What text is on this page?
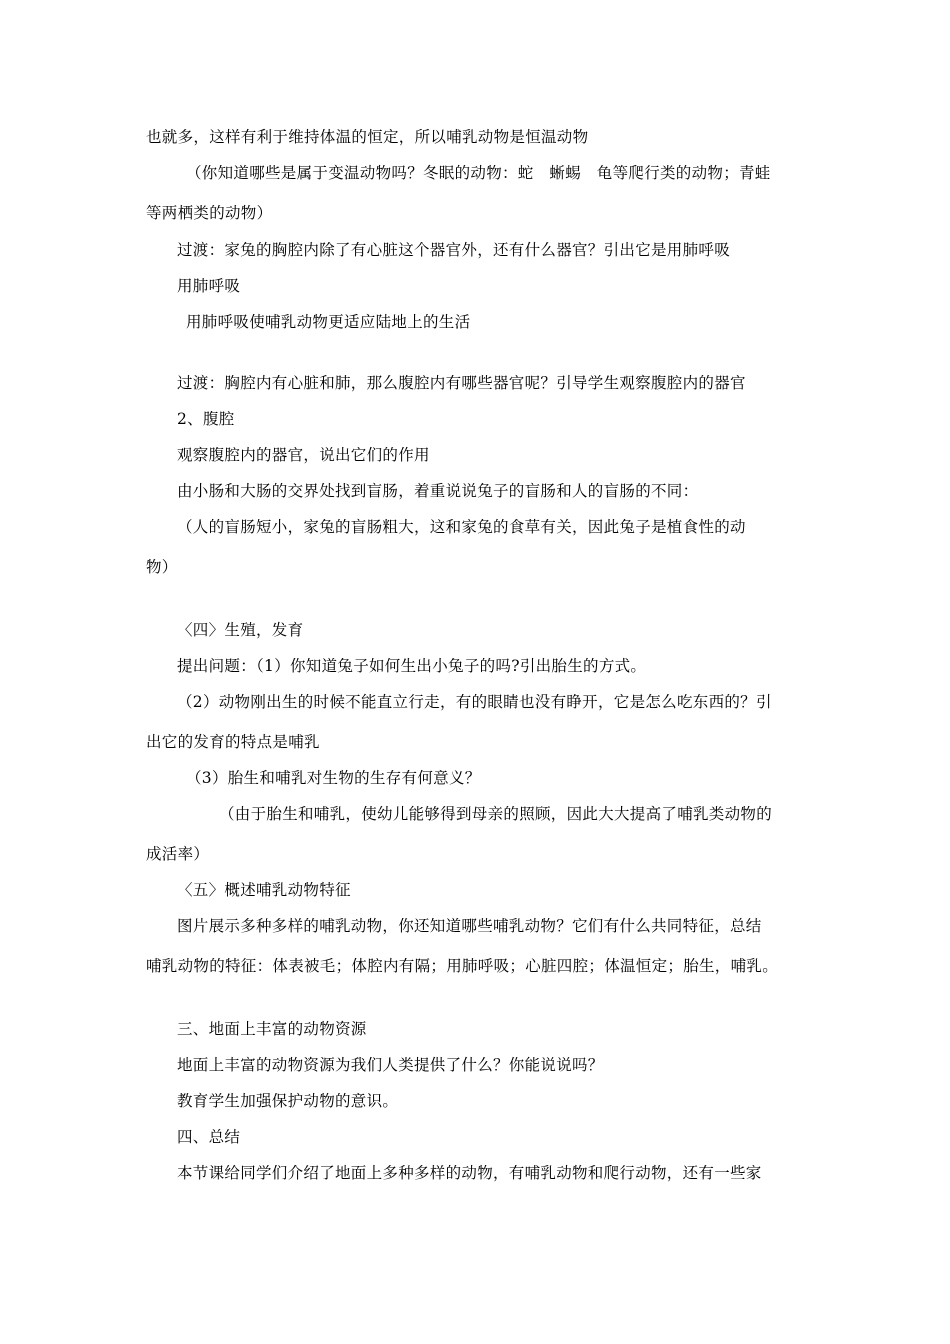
也就多，这样有利于维持体温的恒定，所以哺乳动物是恒温动物
（你知道哪些是属于变温动物吗？冬眠的动物：蛇　蜥蜴　龟等爬行类的动物；青蛙
等两栖类的动物）
过渡：家兔的胸腔内除了有心脏这个器官外，还有什么器官？引出它是用肺呼吸
用肺呼吸
用肺呼吸使哺乳动物更适应陆地上的生活
过渡：胸腔内有心脏和肺，那么腹腔内有哪些器官呢？引导学生观察腹腔内的器官
2、腹腔
观察腹腔内的器官，说出它们的作用
由小肠和大肠的交界处找到盲肠，着重说说兔子的盲肠和人的盲肠的不同：
（人的盲肠短小，家兔的盲肠粗大，这和家兔的食草有关，因此兔子是植食性的动
物）
〈四〉生殖，发育
提出问题：（1）你知道兔子如何生出小兔子的吗?引出胎生的方式。
（2）动物刚出生的时候不能直立行走，有的眼睛也没有睁开，它是怎么吃东西的？引
出它的发育的特点是哺乳
（3）胎生和哺乳对生物的生存有何意义？
（由于胎生和哺乳，使幼儿能够得到母亲的照顾，因此大大提高了哺乳类动物的
成活率）
〈五〉概述哺乳动物特征
图片展示多种多样的哺乳动物，你还知道哪些哺乳动物？它们有什么共同特征，总结
哺乳动物的特征：体表被毛；体腔内有隔；用肺呼吸；心脏四腔；体温恒定；胎生，哺乳。
三、地面上丰富的动物资源
地面上丰富的动物资源为我们人类提供了什么？你能说说吗？
教育学生加强保护动物的意识。
四、总结
本节课给同学们介绍了地面上多种多样的动物，有哺乳动物和爬行动物，还有一些家
